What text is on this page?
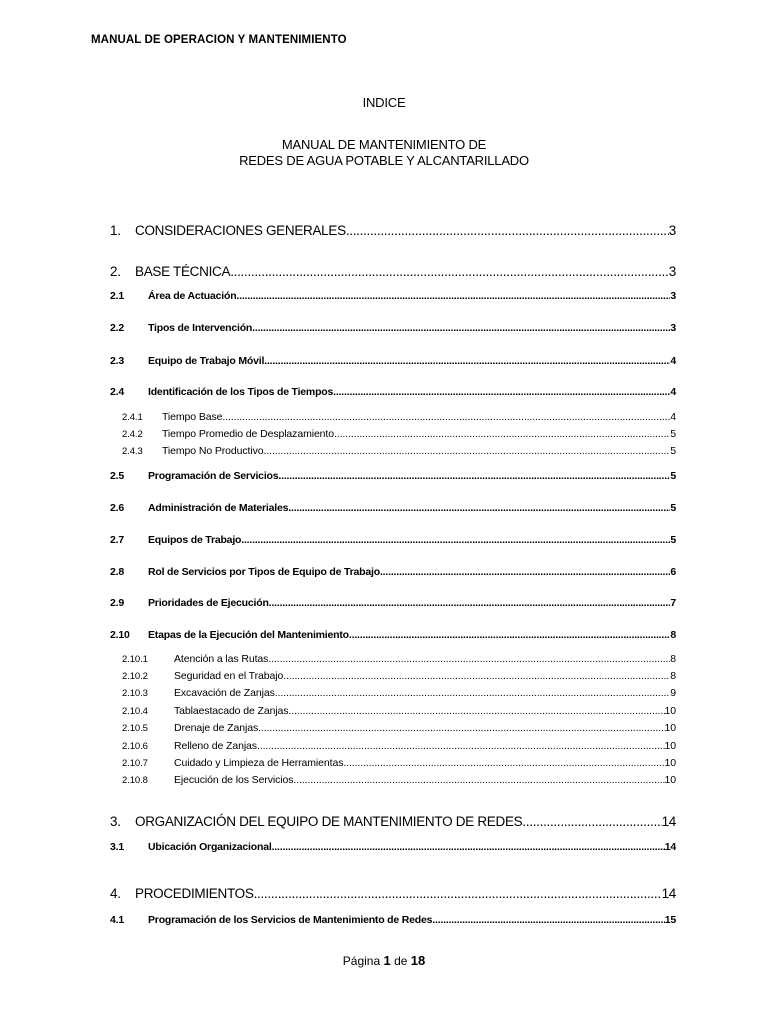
MANUAL DE OPERACION Y MANTENIMIENTO
INDICE
MANUAL DE MANTENIMIENTO DE
REDES DE AGUA POTABLE Y ALCANTARILLADO
1.	CONSIDERACIONES GENERALES .....	3
2.	BASE TÉCNICA .....	3
2.1	Área de Actuación .....	3
2.2	Tipos de Intervención .....	3
2.3	Equipo de Trabajo Móvil .....	4
2.4	Identificación de los Tipos de Tiempos .....	4
2.4.1	Tiempo Base .....	4
2.4.2	Tiempo Promedio de Desplazamiento .....	5
2.4.3	Tiempo No Productivo .....	5
2.5	Programación de Servicios .....	5
2.6	Administración de Materiales .....	5
2.7	Equipos de Trabajo .....	5
2.8	Rol de Servicios por Tipos de Equipo de Trabajo .....	6
2.9	Prioridades de Ejecución .....	7
2.10	Etapas de la Ejecución del Mantenimiento .....	8
2.10.1	Atención a las Rutas .....	8
2.10.2	Seguridad en el Trabajo .....	8
2.10.3	Excavación de Zanjas .....	9
2.10.4	Tablaestacado de Zanjas .....	10
2.10.5	Drenaje de Zanjas .....	10
2.10.6	Relleno de Zanjas .....	10
2.10.7	Cuidado y Limpieza de Herramientas .....	10
2.10.8	Ejecución de los Servicios .....	10
3.	ORGANIZACIÓN DEL EQUIPO DE MANTENIMIENTO DE REDES .....	14
3.1	Ubicación Organizacional .....	14
4.	PROCEDIMIENTOS .....	14
4.1	Programación de los Servicios de Mantenimiento de Redes .....	15
Página 1 de 18
